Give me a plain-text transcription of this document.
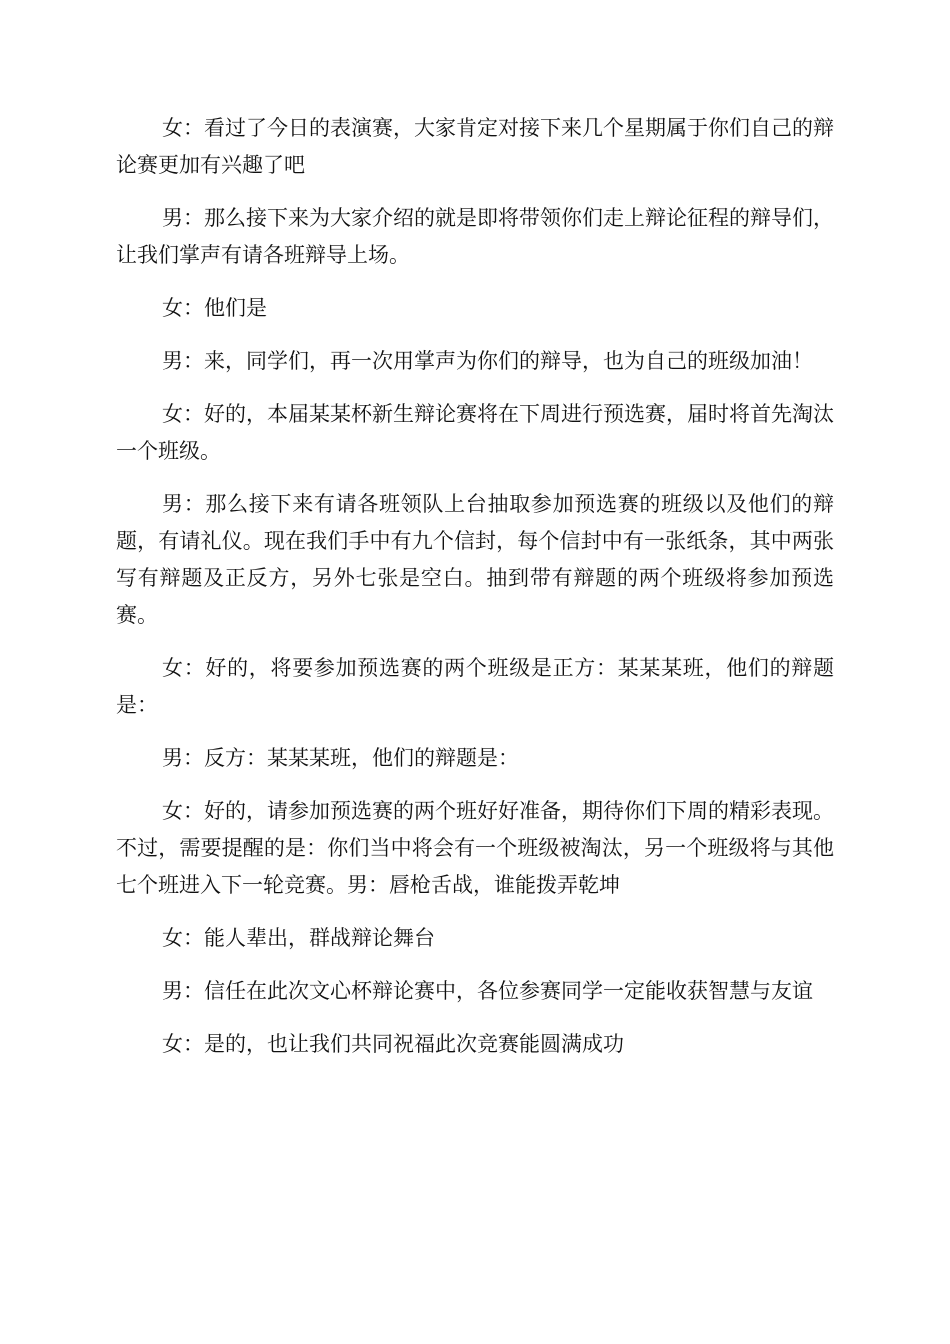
女：看过了今日的表演赛，大家肯定对接下来几个星期属于你们自己的辩论赛更加有兴趣了吧

男：那么接下来为大家介绍的就是即将带领你们走上辩论征程的辩导们，让我们掌声有请各班辩导上场。

女：他们是

男：来，同学们，再一次用掌声为你们的辩导，也为自己的班级加油！

女：好的，本届某某杯新生辩论赛将在下周进行预选赛，届时将首先淘汰一个班级。

男：那么接下来有请各班领队上台抽取参加预选赛的班级以及他们的辩题，有请礼仪。现在我们手中有九个信封，每个信封中有一张纸条，其中两张写有辩题及正反方，另外七张是空白。抽到带有辩题的两个班级将参加预选赛。

女：好的，将要参加预选赛的两个班级是正方：某某某班，他们的辩题是：

男：反方：某某某班，他们的辩题是：

女：好的，请参加预选赛的两个班好好准备，期待你们下周的精彩表现。不过，需要提醒的是：你们当中将会有一个班级被淘汰，另一个班级将与其他七个班进入下一轮竞赛。男：唇枪舌战，谁能拨弄乾坤

女：能人辈出，群战辩论舞台

男：信任在此次文心杯辩论赛中，各位参赛同学一定能收获智慧与友谊

女：是的，也让我们共同祝福此次竞赛能圆满成功
